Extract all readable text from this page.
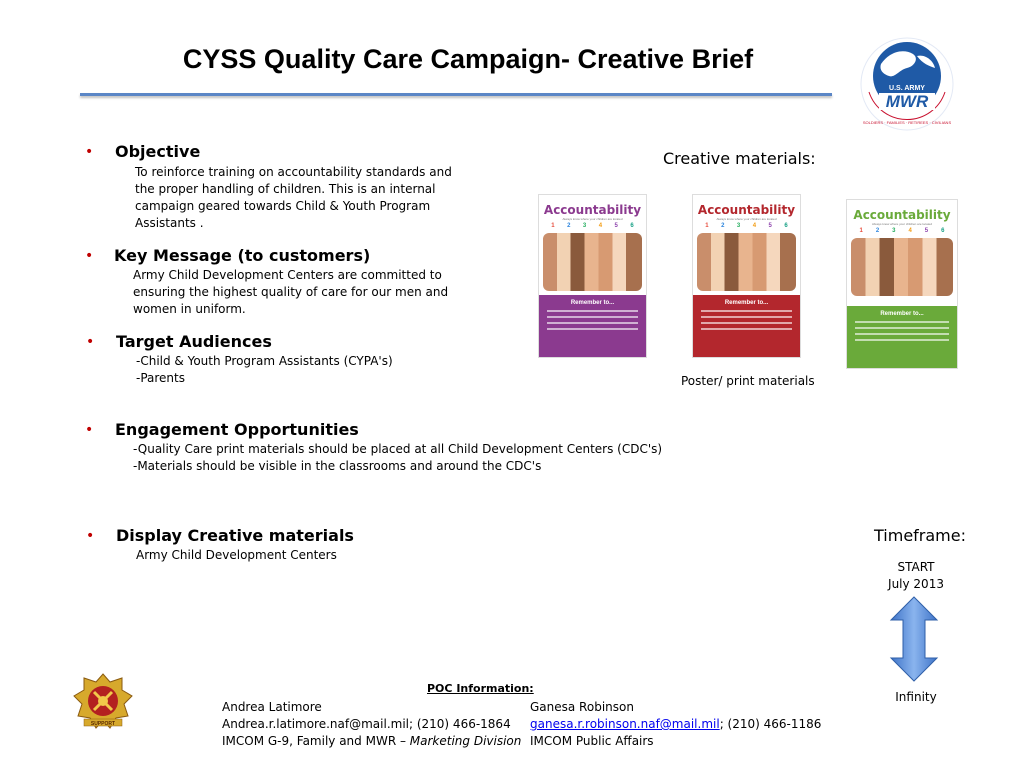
CYSS Quality Care Campaign- Creative Brief
U.S. ARMY
MWR
SOLDIERS · FAMILIES · RETIREES · CIVILIANS
• Objective
To reinforce training on accountability standards and
the proper handling of children. This is an internal
campaign geared towards Child & Youth Program
Assistants .
• Key Message (to customers)
Army Child Development Centers are committed to
ensuring the highest quality of care for our men and
women in uniform.
• Target Audiences
-Child & Youth Program Assistants (CYPA's)
-Parents
• Engagement Opportunities
-Quality Care print materials should be placed at all Child Development Centers (CDC's)
-Materials should be visible in the classrooms and around the CDC's
• Display Creative materials
Army Child Development Centers
Creative materials:
Accountability
Always know where your children are located
1 2 3 4 5 6
Remember to...
Accountability
Always know where your children are located
1 2 3 4 5 6
Remember to...
Accountability
Always know where your children are located
1 2 3 4 5 6
Remember to...
Poster/ print materials
Timeframe:
START
July 2013
Infinity
SUPPORT
POC Information:
Andrea Latimore
Andrea.r.latimore.naf@mail.mil; (210) 466-1864
IMCOM G-9, Family and MWR – Marketing Division
Ganesa Robinson
ganesa.r.robinson.naf@mail.mil; (210) 466-1186
IMCOM Public Affairs
